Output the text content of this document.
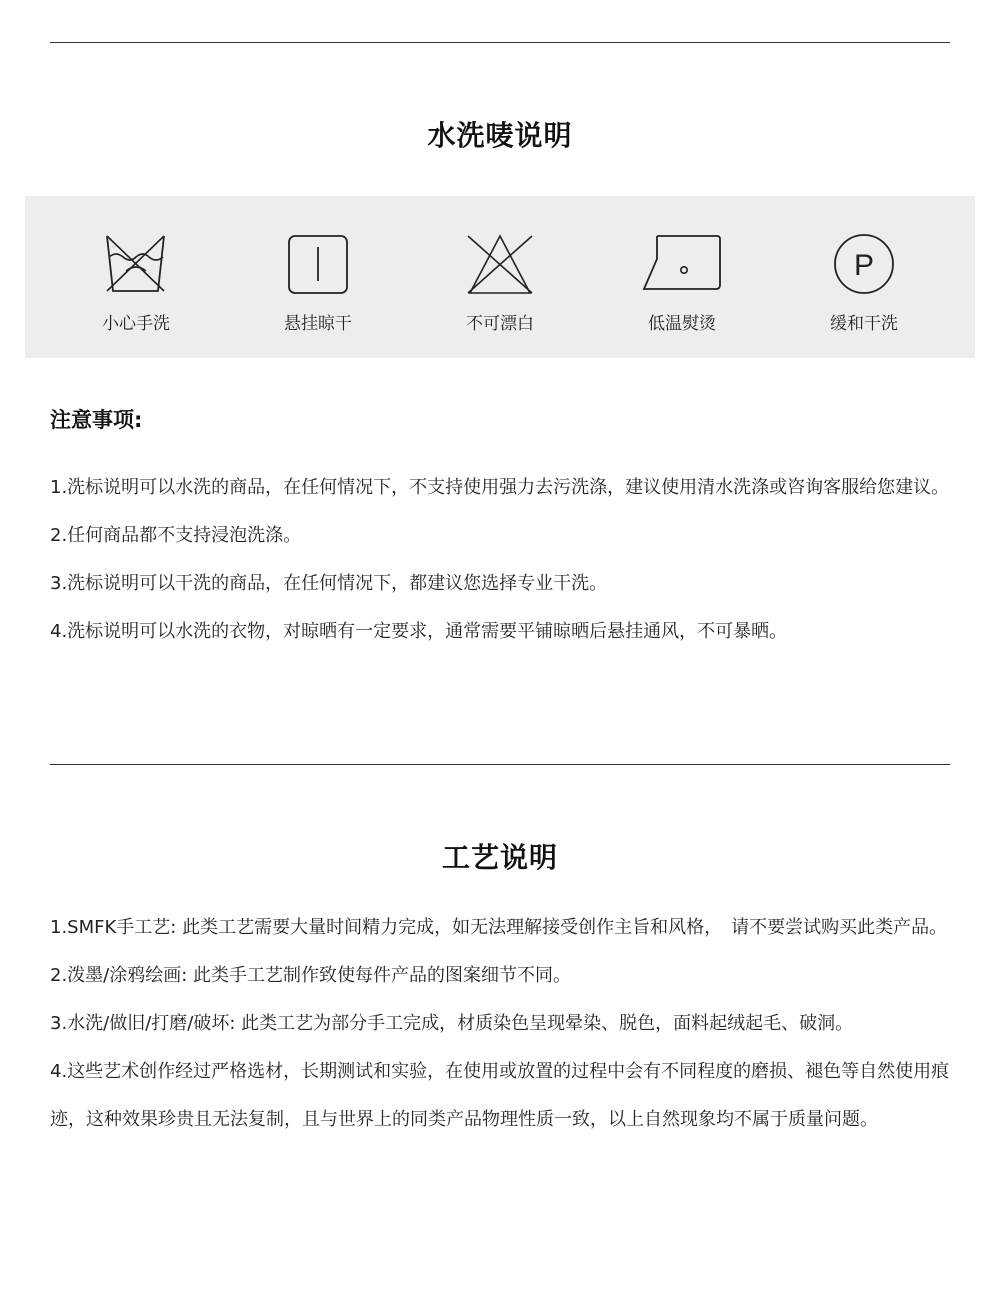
水洗唛说明
小心手洗	悬挂晾干	不可漂白	低温熨烫
P
缓和干洗
注意事项:

1.洗标说明可以水洗的商品，在任何情况下，不支持使用强力去污洗涤，建议使用清水洗涤或咨询客服给您建议。

2.任何商品都不支持浸泡洗涤。

3.洗标说明可以干洗的商品，在任何情况下，都建议您选择专业干洗。

4.洗标说明可以水洗的衣物，对晾晒有一定要求，通常需要平铺晾晒后悬挂通风，不可暴晒。

工艺说明

1.SMFK手工艺: 此类工艺需要大量时间精力完成，如无法理解接受创作主旨和风格，　请不要尝试购买此类产品。

2.泼墨/涂鸦绘画: 此类手工艺制作致使每件产品的图案细节不同。

3.水洗/做旧/打磨/破坏: 此类工艺为部分手工完成，材质染色呈现晕染、脱色，面料起绒起毛、破洞。

4.这些艺术创作经过严格选材，长期测试和实验，在使用或放置的过程中会有不同程度的磨损、褪色等自然使用痕迹，这种效果珍贵且无法复制，且与世界上的同类产品物理性质一致，以上自然现象均不属于质量问题。
